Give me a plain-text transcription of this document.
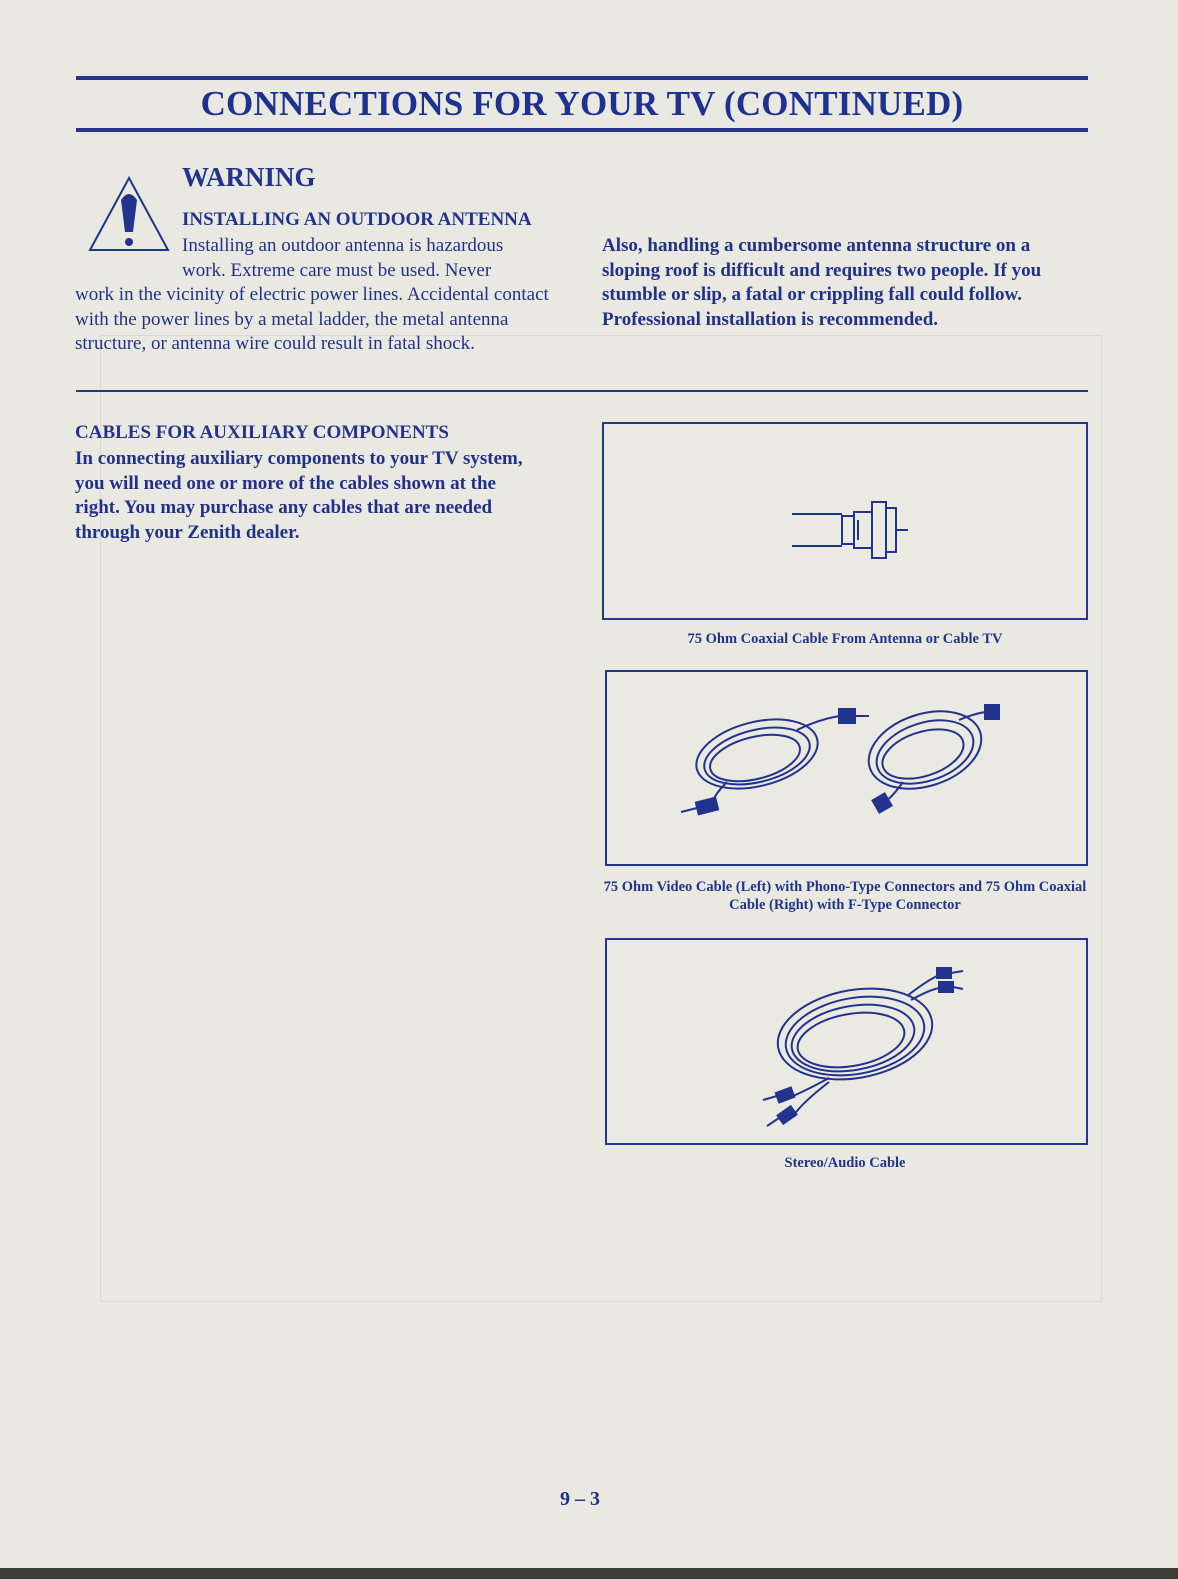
CONNECTIONS FOR YOUR TV (CONTINUED)
WARNING
INSTALLING AN OUTDOOR ANTENNA
Installing an outdoor antenna is hazardous work. Extreme care must be used. Never
work in the vicinity of electric power lines. Accidental contact with the power lines by a metal ladder, the metal antenna structure, or antenna wire could result in fatal shock.
Also, handling a cumbersome antenna structure on a sloping roof is difficult and requires two people. If you stumble or slip, a fatal or crippling fall could follow. Professional installation is recommended.
CABLES FOR AUXILIARY COMPONENTS
In connecting auxiliary components to your TV system, you will need one or more of the cables shown at the right. You may purchase any cables that are needed through your Zenith dealer.
75 Ohm Coaxial Cable From Antenna or Cable TV
75 Ohm Video Cable (Left) with Phono-Type Connectors and 75 Ohm Coaxial Cable (Right) with F-Type Connector
Stereo/Audio Cable
9 – 3
